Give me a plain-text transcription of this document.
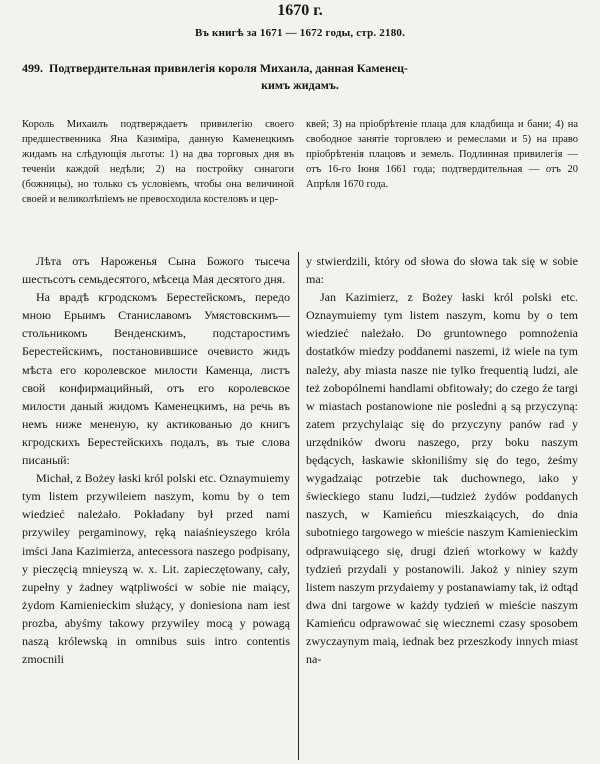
1670 г.
Въ книгѣ за 1671 — 1672 годы, стр. 2180.
499. Подтвердительная привилегія короля Михаила, данная Каменец-
кимъ жидамъ.
Король Михаилъ подтверждаетъ привилегію своего предшественника Яна Казиміра, данную Каменецкимъ жидамъ на слѣдующія льготы: 1) на два торговых дня въ теченіи каждой недѣли; 2) на постройку синагоги (божницы), но только съ условіемъ, чтобы она величиной своей и великолѣпіемъ не превосходила костеловъ и цер-
квей; 3) на пріобрѣтеніе плаца для кладбища и бани; 4) на свободное занятіе торговлею и ремеслами и 5) на право пріобрѣтенія плацовъ и земель. Подлинная привилегія — отъ 16-го Іюня 1661 года; подтвердительная — отъ 20 Апрѣля 1670 года.

Лѣта отъ Нароженья Сына Божого тысеча шестьсотъ семьдесятого, мѣсеца Мая десятого дня.

На врадѣ кгродскомъ Берестейскомъ, передо мною Ерыимъ Станиславомъ Умястовскимъ—стольникомъ Венденскимъ, подстаростимъ Берестейскимъ, постановившисе очевисто жидъ мѣста его королевское милости Каменца, листъ свой конфирмацийный, отъ его королевское милости даный жидомъ Каменецкимъ, на речь въ немъ ниже мененую, ку актикованью до книгъ кгродскихъ Берестейскихъ подалъ, въ тые слова писаный:

Michał, z Bożey łaski król polski etc. Oznaymuiemy tym listem przywileiem naszym, komu by o tem wiedzieć należało. Pokładany był przed nami przywiley pergaminowy, ręką naiaśnieyszego króla imści Jana Kazimierza, antecessora naszego podpisany, y pieczęcią mnieyszą w. x. Lit. zapieczętowany, cały, zupełny y żadney wątpliwości w sobie nie maiący, żydom Kamienieckim służący, y doniesiona nam iest prozba, abyśmy takowy przywiley mocą y powagą naszą królewską in omnibus suis intro contentis zmocnili

y stwierdzili, który od słowa do słowa tak się w sobie ma:

Jan Kazimierz, z Bożey łaski król polski etc. Oznaymuiemy tym listem naszym, komu by o tem wiedzieć należało. Do gruntownego pomnożenia dostatków miedzy poddanemi naszemi, iż wiele na tym należy, aby miasta nasze nie tylko frequentią ludzi, ale też zobopólnemi handlami obfitowały; do czego źe targi w miastach postanowione nie posledni ą są przyczyną: zatem przychylaiąc się do przyczyny panów rad y urzędników dworu naszego, przy boku naszym będących, łaskawie skłoniliśmy się do tego, żeśmy wygadzaiąc potrzebie tak duchownego, iako y świeckiego stanu ludzi,—tudzież żydów poddanych naszych, w Kamieńcu mieszkaiących, do dnia subotniego targowego w mieście naszym Kamienieckim odprawuiącego się, drugi dzień wtorkowy w każdy tydzień przydali y postanowili. Jakoż y niniey szym listem naszym przydaiemy y postanawiamy tak, iż odtąd dwa dni targowe w każdy tydzień w mieście naszym Kamieńcu odprawować się wiecznemi czasy sposobem zwyczaynym maią, iednak bez przeszkody innych miast na-
